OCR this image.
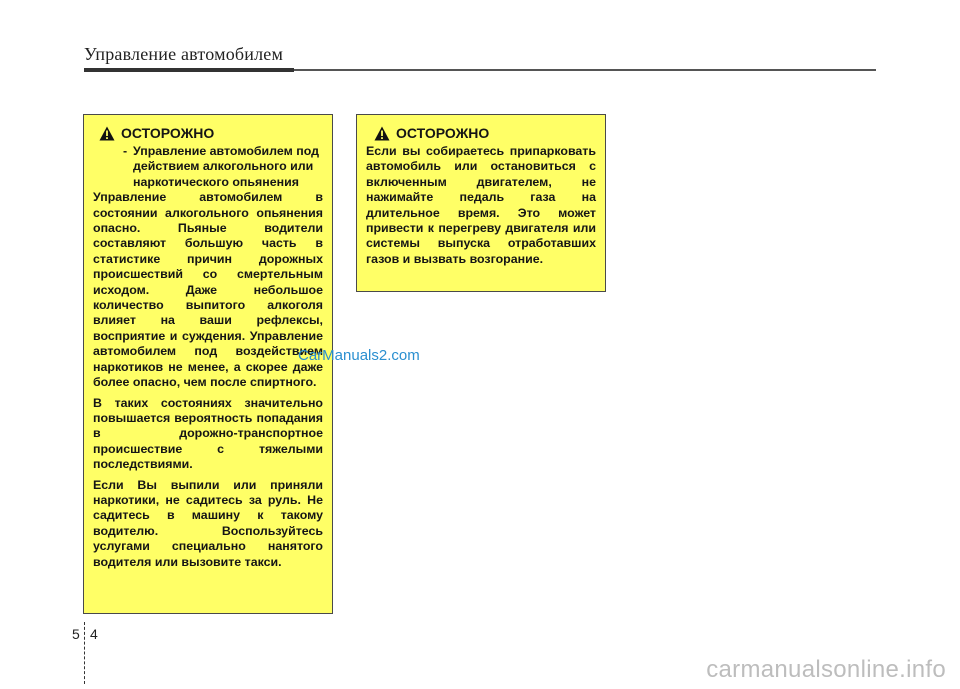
Управление автомобилем
ОСТОРОЖНО
- Управление автомобилем под действием алкогольного или наркотического опьянения

Управление автомобилем в состоянии алкогольного опьянения опасно. Пьяные водители составляют большую часть в статистике причин дорожных происшествий со смертельным исходом. Даже небольшое количество выпитого алкоголя влияет на ваши рефлексы, восприятие и суждения. Управление автомобилем под воздействием наркотиков не менее, а скорее даже более опасно, чем после спиртного.

В таких состояниях значительно повышается вероятность попадания в дорожно-транспортное происшествие с тяжелыми последствиями.

Если Вы выпили или приняли наркотики, не садитесь за руль. Не садитесь в машину к такому водителю. Воспользуйтесь услугами специально нанятого водителя или вызовите такси.

ОСТОРОЖНО

Если вы собираетесь припарковать автомобиль или остановиться с включенным двигателем, не нажимайте педаль газа на длительное время. Это может привести к перегреву двигателя или системы выпуска отработавших газов и вызвать возгорание.

CarManuals2.com
5 4
carmanualsonline.info
